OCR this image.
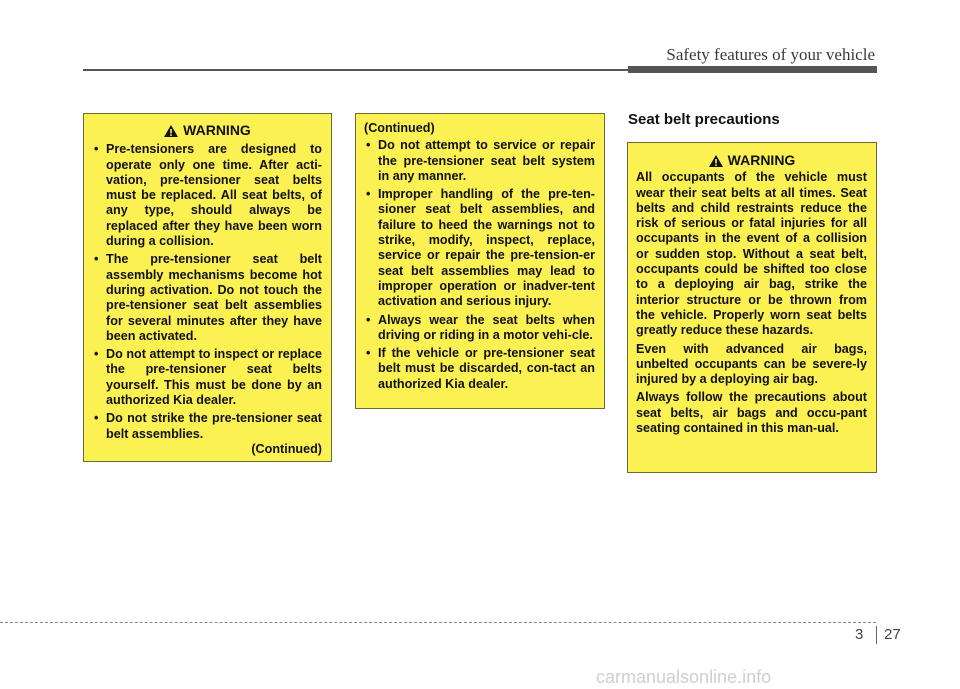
Safety features of your vehicle
WARNING
• Pre-tensioners are designed to operate only one time. After acti-vation, pre-tensioner seat belts must be replaced. All seat belts, of any type, should always be replaced after they have been worn during a collision.
• The pre-tensioner seat belt assembly mechanisms become hot during activation. Do not touch the pre-tensioner seat belt assemblies for several minutes after they have been activated.
• Do not attempt to inspect or replace the pre-tensioner seat belts yourself. This must be done by an authorized Kia dealer.
• Do not strike the pre-tensioner seat belt assemblies.
(Continued)
(Continued)
• Do not attempt to service or repair the pre-tensioner seat belt system in any manner.
• Improper handling of the pre-ten-sioner seat belt assemblies, and failure to heed the warnings not to strike, modify, inspect, replace, service or repair the pre-tension-er seat belt assemblies may lead to improper operation or inadver-tent activation and serious injury.
• Always wear the seat belts when driving or riding in a motor vehi-cle.
• If the vehicle or pre-tensioner seat belt must be discarded, con-tact an authorized Kia dealer.
Seat belt precautions
WARNING
All occupants of the vehicle must wear their seat belts at all times. Seat belts and child restraints reduce the risk of serious or fatal injuries for all occupants in the event of a collision or sudden stop. Without a seat belt, occupants could be shifted too close to a deploying air bag, strike the interior structure or be thrown from the vehicle. Properly worn seat belts greatly reduce these hazards.
Even with advanced air bags, unbelted occupants can be severe-ly injured by a deploying air bag.
Always follow the precautions about seat belts, air bags and occu-pant seating contained in this man-ual.
3 27
carmanualsonline.info
